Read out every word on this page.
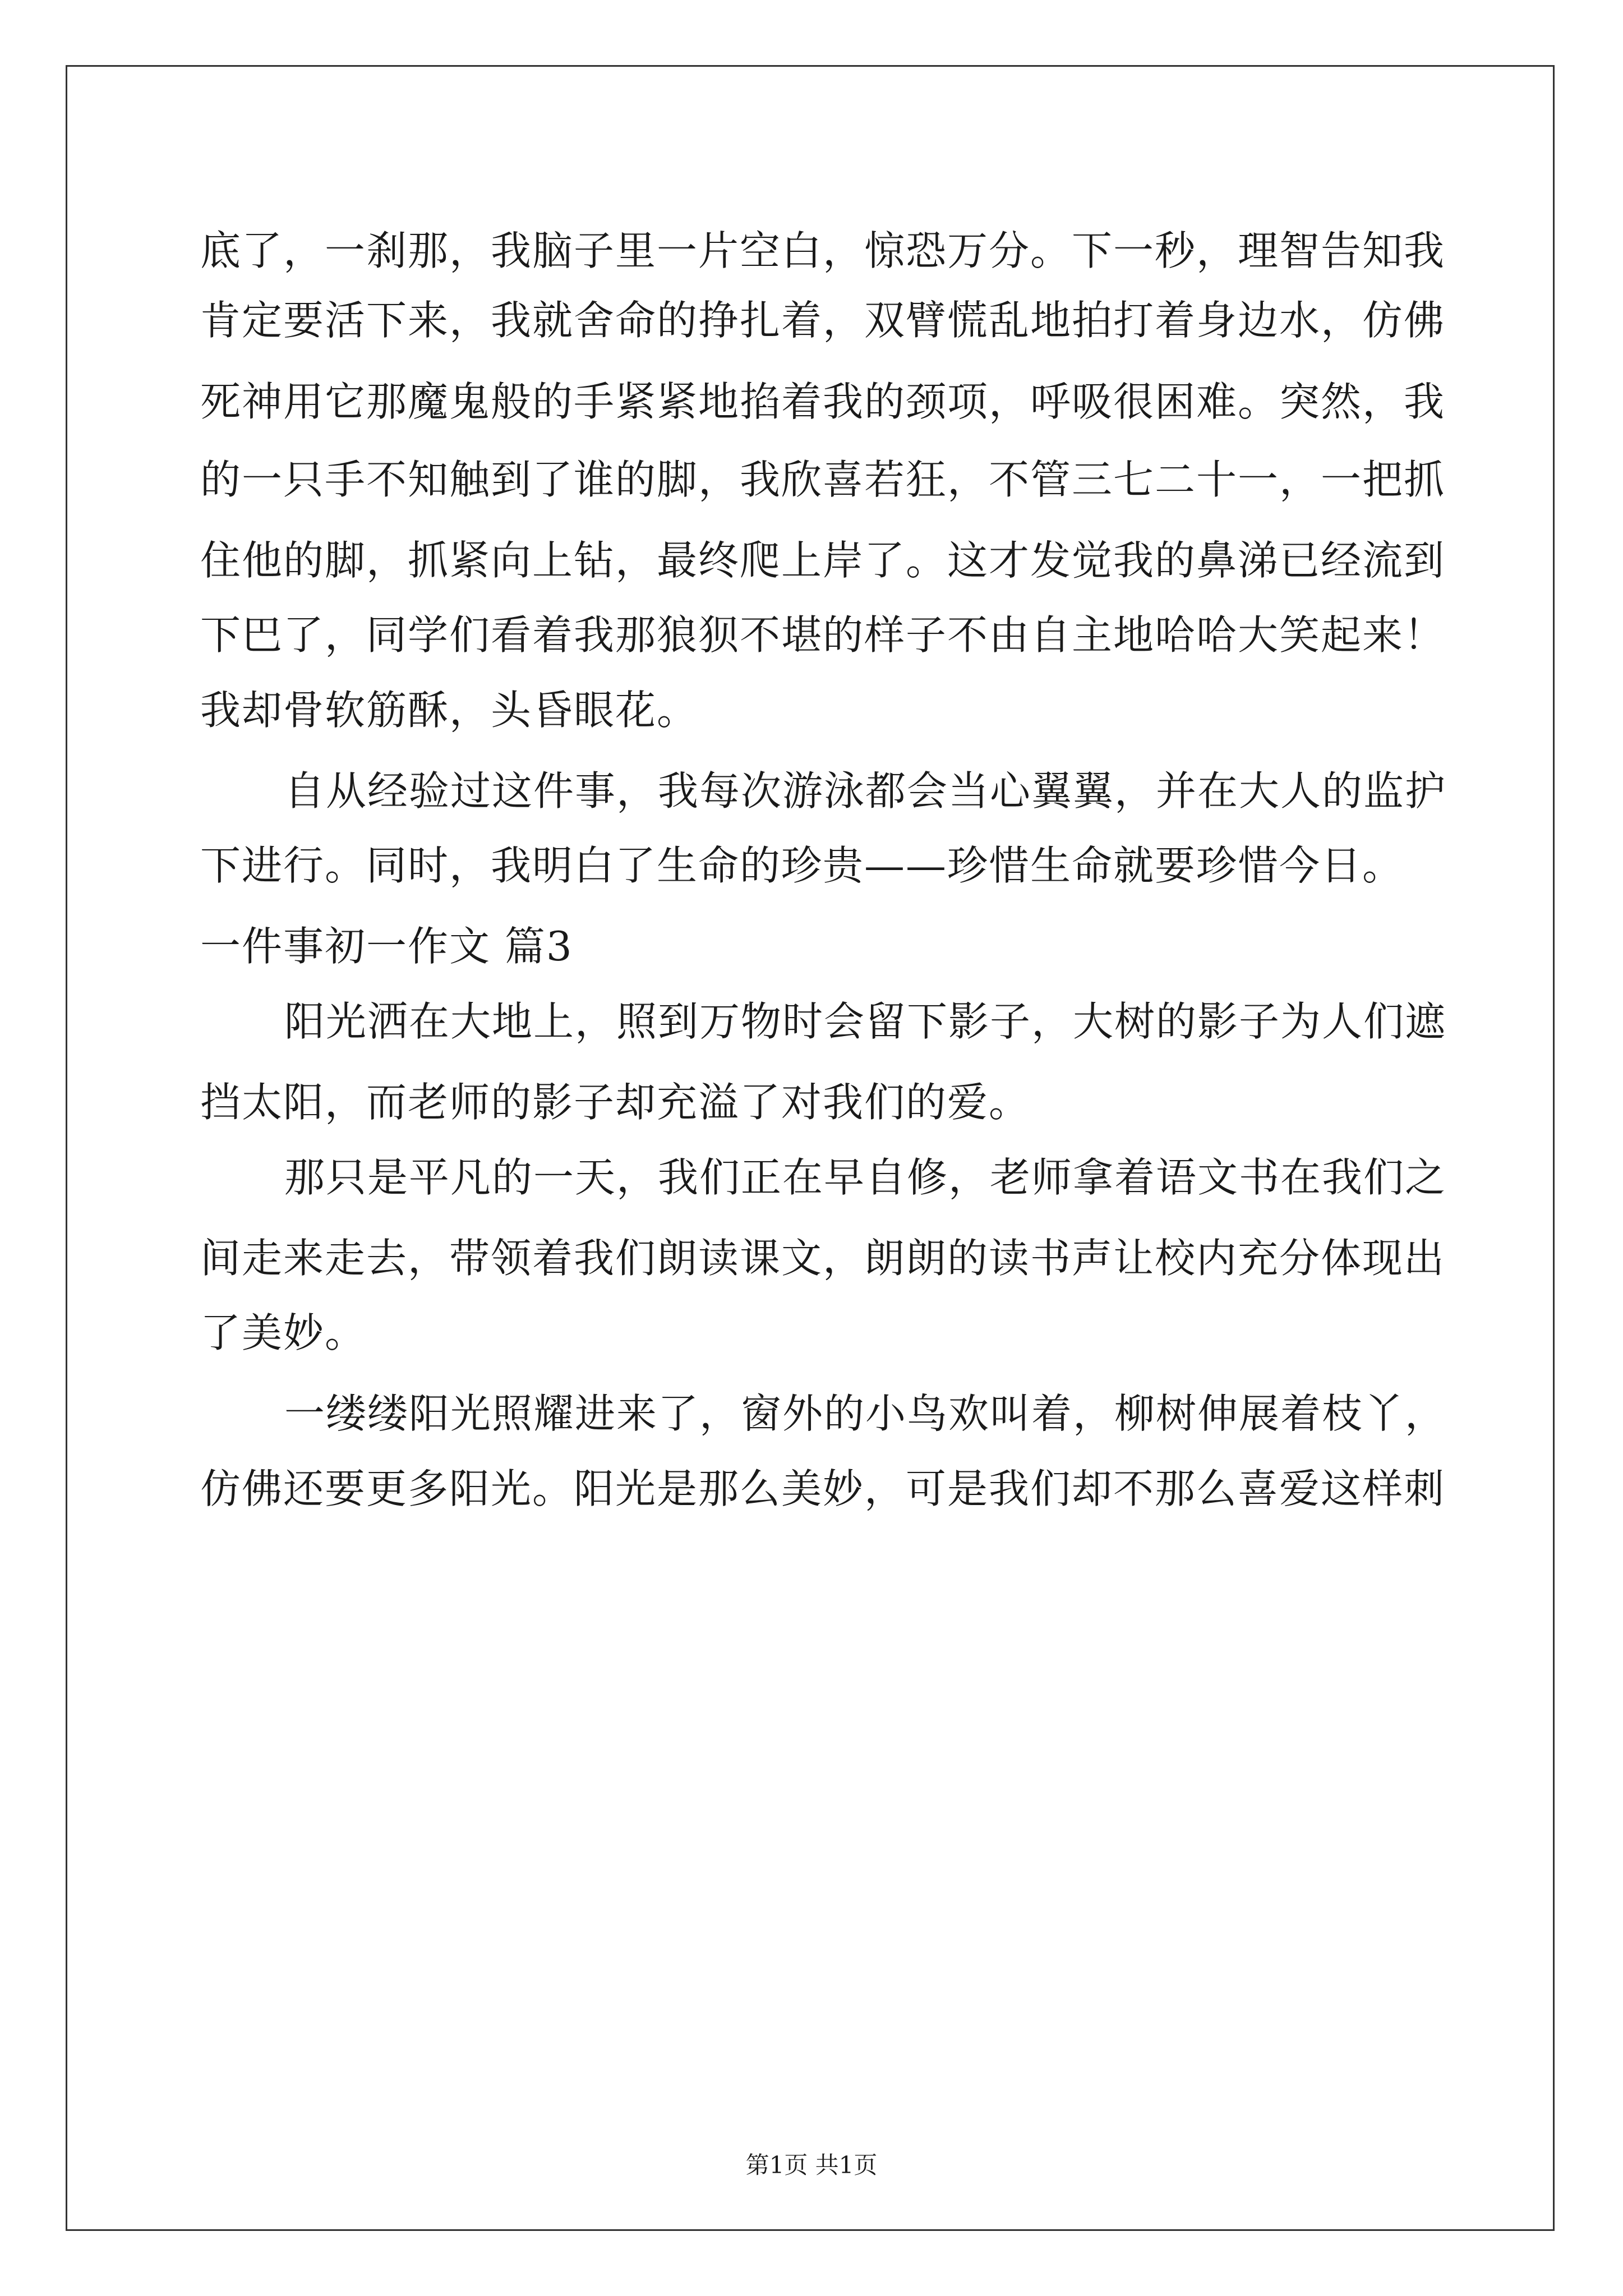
底了，一刹那，我脑子里一片空白，惊恐万分。下一秒，理智告知我
肯定要活下来，我就舍命的挣扎着，双臂慌乱地拍打着身边水，仿佛
死神用它那魔鬼般的手紧紧地掐着我的颈项，呼吸很困难。突然，我
的一只手不知触到了谁的脚，我欣喜若狂，不管三七二十一，一把抓
住他的脚，抓紧向上钻，最终爬上岸了。这才发觉我的鼻涕已经流到
下巴了，同学们看着我那狼狈不堪的样子不由自主地哈哈大笑起来！
我却骨软筋酥，头昏眼花。
自从经验过这件事，我每次游泳都会当心翼翼，并在大人的监护
下进行。同时，我明白了生命的珍贵——珍惜生命就要珍惜今日。
一件事初一作文 篇3
阳光洒在大地上，照到万物时会留下影子，大树的影子为人们遮
挡太阳，而老师的影子却充溢了对我们的爱。
那只是平凡的一天，我们正在早自修，老师拿着语文书在我们之
间走来走去，带领着我们朗读课文，朗朗的读书声让校内充分体现出
了美妙。
一缕缕阳光照耀进来了，窗外的小鸟欢叫着，柳树伸展着枝丫，
仿佛还要更多阳光。阳光是那么美妙，可是我们却不那么喜爱这样刺
第1页 共1页
